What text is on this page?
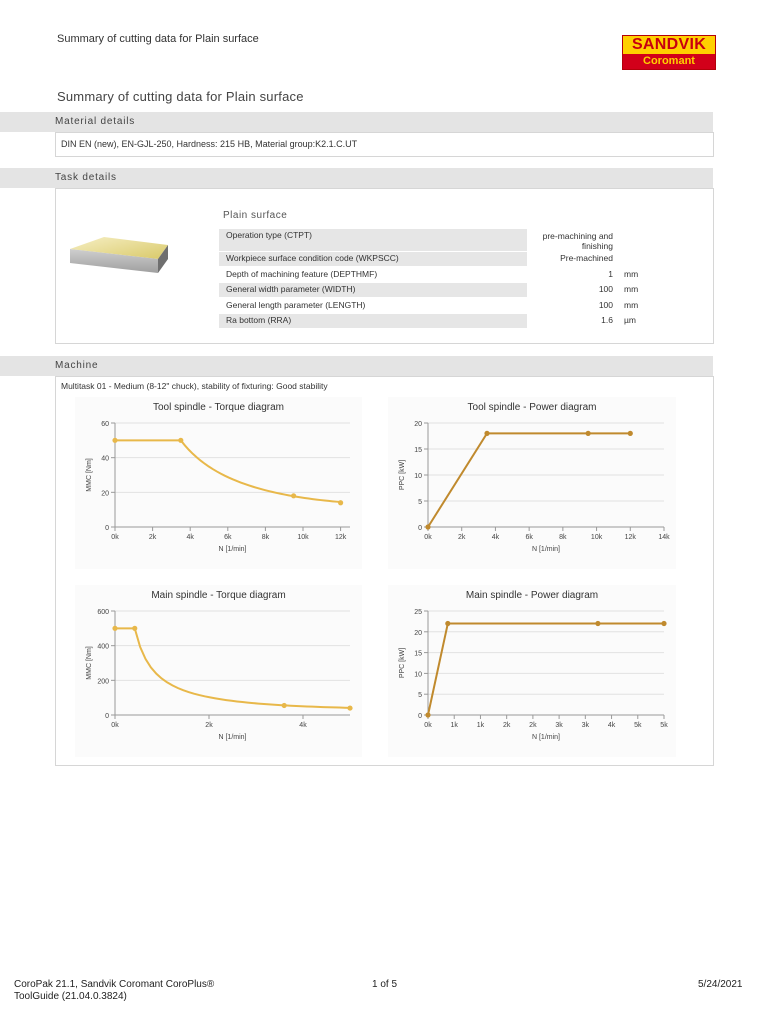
Summary of cutting data for Plain surface	SANDVIK
Coromant
Summary of cutting data for Plain surface
Material details
DIN EN (new), EN-GJL-250, Hardness: 215 HB, Material group:K2.1.C.UT
Task details
Plain surface
Operation type (CTPT)	pre-machining and finishing
Workpiece surface condition code (WKPSCC)	Pre-machined
Depth of machining feature (DEPTHMF)	1 mm
General width parameter (WIDTH)	100 mm
General length parameter (LENGTH)	100 mm
Ra bottom (RRA)	1.6 µm
Machine
Multitask 01 - Medium (8-12" chuck), stability of fixturing: Good stability
Tool spindle - Torque diagram
0
20
40
60
0k	2k	4k	6k	8k	10k	12k
N [1/min]
MMC [Nm]
Tool spindle - Power diagram
0
5
10
15
20
0k	2k	4k	6k	8k	10k	12k	14k
N [1/min]
PPC [kW]
Main spindle - Torque diagram
0
200
400
600
0k	2k	4k
N [1/min]
MMC [Nm]
Main spindle - Power diagram
0
5
10
15
20
25
0k	1k	1k	2k	2k	3k	3k	4k	5k	5k
N [1/min]
PPC [kW]
CoroPak 21.1, Sandvik Coromant CoroPlus®
ToolGuide (21.04.0.3824)
1 of 5	5/24/2021
